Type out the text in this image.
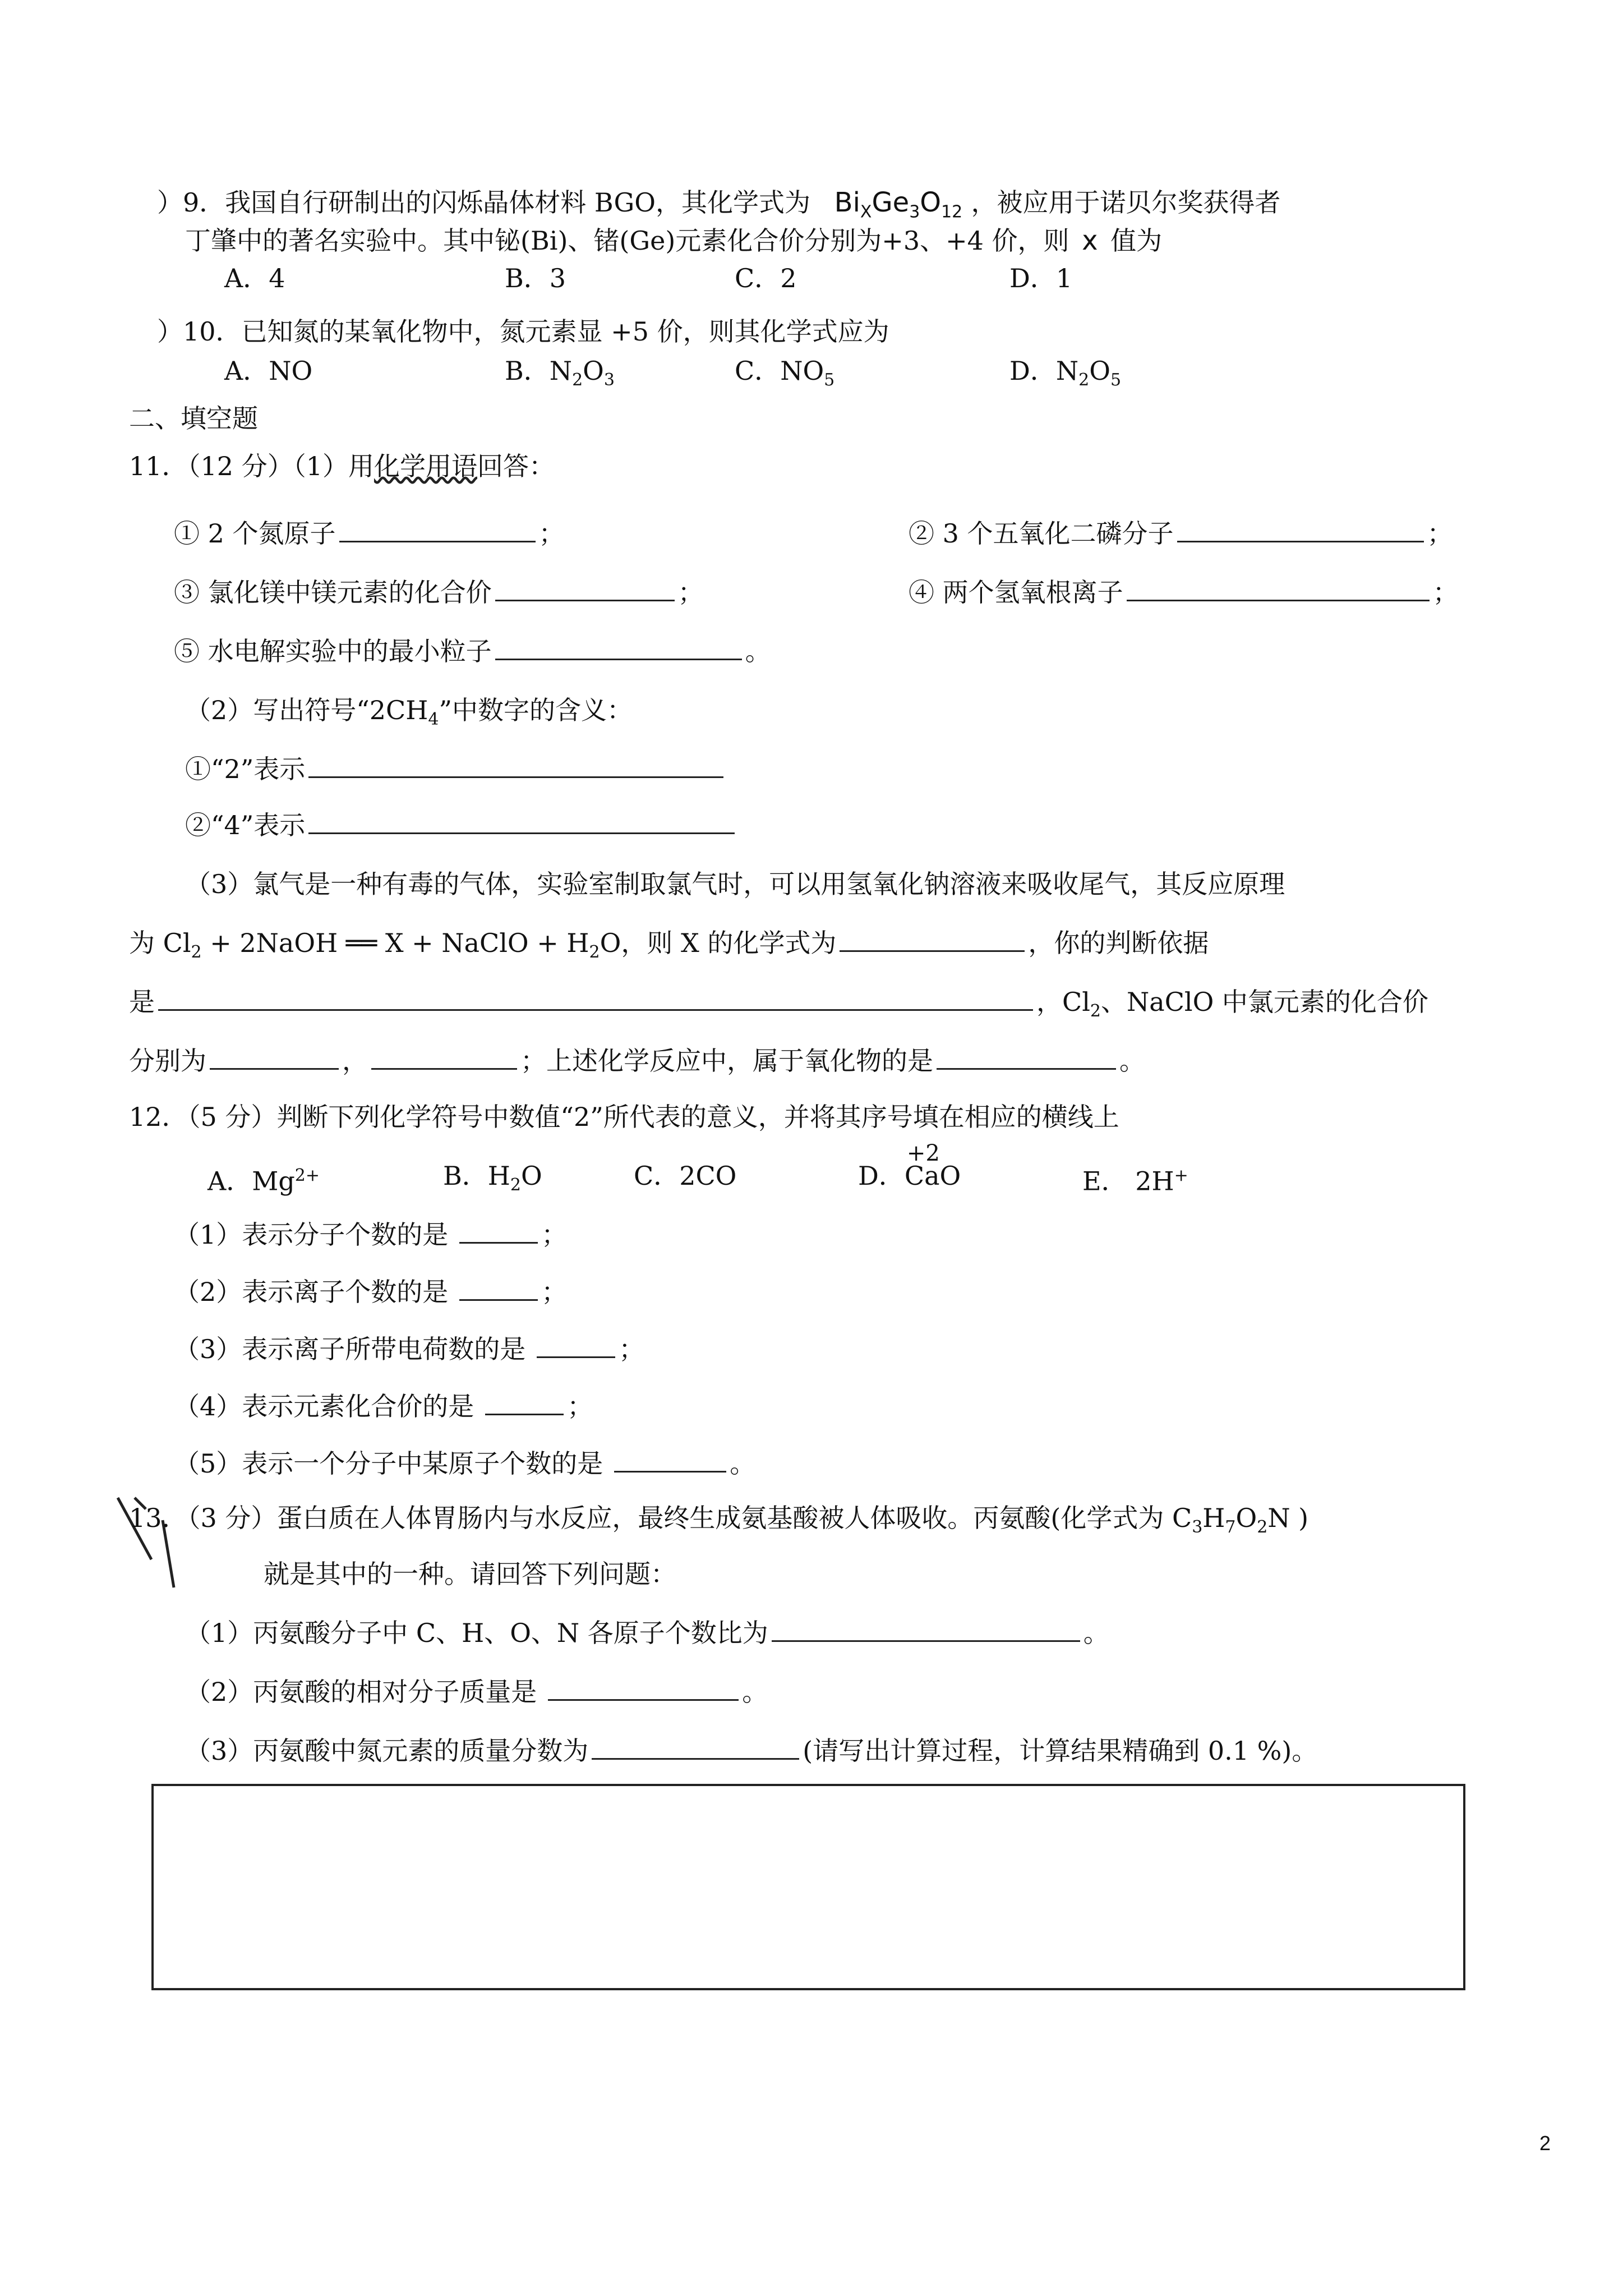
）9．我国自行研制出的闪烁晶体材料 BGO，其化学式为 $Bi_XGe_3O_{12}$ ，被应用于诺贝尔奖获得者
丁肇中的著名实验中。其中铋(Bi)、锗(Ge)元素化合价分别为+3、+4 价，则 x 值为
A．4	B．3	C．2	D．1
）10．已知氮的某氧化物中，氮元素显 +5 价，则其化学式应为
A．NO	B．$N_2O_3$	C．$NO_5$	D．$N_2O_5$
二、填空题
11．（12 分）（1）用化学用语回答：
① 2 个氮原子	；	② 3 个五氧化二磷分子	；
③ 氯化镁中镁元素的化合价	；	④ 两个氢氧根离子	；
⑤ 水电解实验中的最小粒子	。
（2）写出符号“$2CH_4$”中数字的含义：
①“2”表示
②“4”表示
（3）氯气是一种有毒的气体，实验室制取氯气时，可以用氢氧化钠溶液来吸收尾气，其反应原理
为 $Cl_2$ + 2NaOH ══ X + NaClO + $H_2O$，则 X 的化学式为	，你的判断依据
是	，$Cl_2$、NaClO 中氯元素的化合价
分别为	，	；上述化学反应中，属于氧化物的是	。
12．（5 分）判断下列化学符号中数值“2”所代表的意义，并将其序号填在相应的横线上
A．$Mg^{2+}$	B．$H_2O$	C．2CO	D．
+2
CaO	E． 2H+
（1）表示分子个数的是	；
（2）表示离子个数的是	；
（3）表示离子所带电荷数的是	；
（4）表示元素化合价的是	；
（5）表示一个分子中某原子个数的是	。
13．（3 分）蛋白质在人体胃肠内与水反应，最终生成氨基酸被人体吸收。丙氨酸(化学式为 $C_3H_7O_2N$ )
就是其中的一种。请回答下列问题：
（1）丙氨酸分子中 C、H、O、N 各原子个数比为	。
（2）丙氨酸的相对分子质量是	。
（3）丙氨酸中氮元素的质量分数为	(请写出计算过程，计算结果精确到 0.1 %)。
2
